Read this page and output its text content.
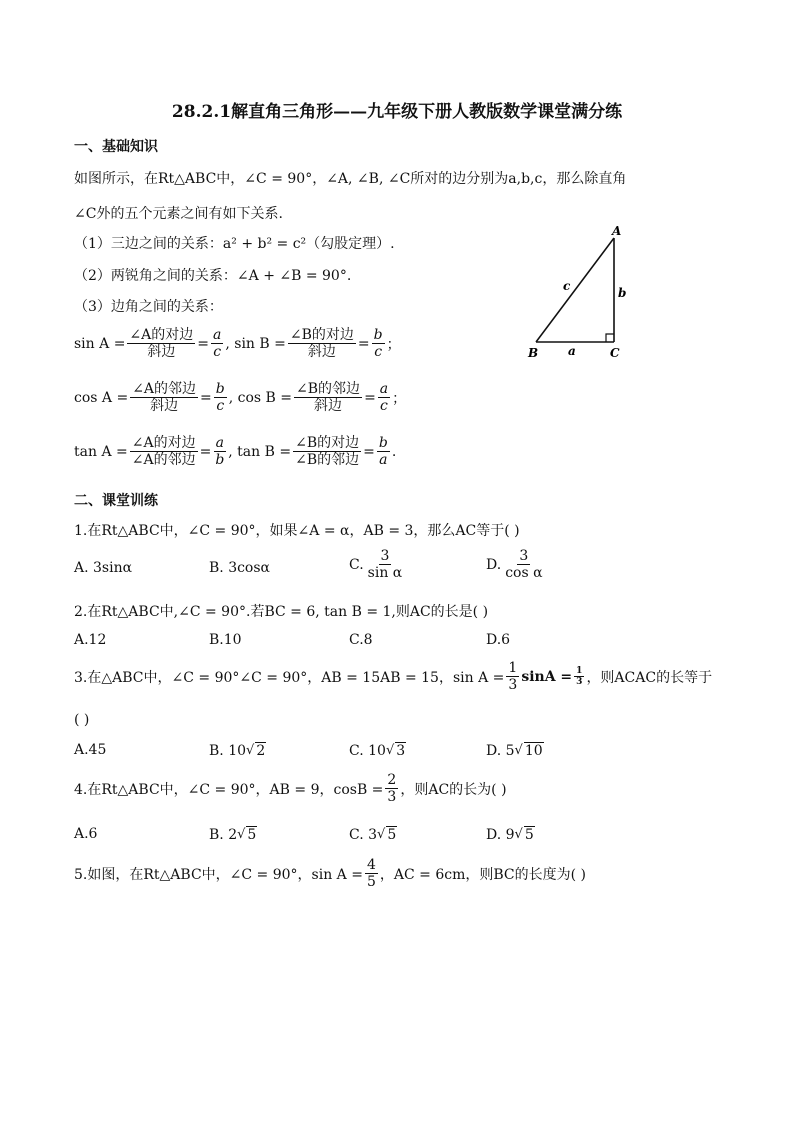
28.2.1解直角三角形——九年级下册人教版数学课堂满分练
一、基础知识
如图所示，在Rt△ABC中，∠C = 90°，∠A, ∠B, ∠C所对的边分别为a,b,c，那么除直角
∠C外的五个元素之间有如下关系.
（1）三边之间的关系：a² + b² = c²（勾股定理）.
（2）两锐角之间的关系：∠A + ∠B = 90°.
（3）边角之间的关系：
$\sin A = \frac{\text{∠A的对边}}{\text{斜边}} = \frac{a}{c}$ , $\sin B = \frac{\text{∠B的对边}}{\text{斜边}} = \frac{b}{c}$ ；
$\cos A = \frac{\text{∠A的邻边}}{\text{斜边}} = \frac{b}{c}$ , $\cos B = \frac{\text{∠B的邻边}}{\text{斜边}} = \frac{a}{c}$ ；
$\tan A = \frac{\text{∠A的对边}}{\text{∠A的邻边}} = \frac{a}{b}$ , $\tan B = \frac{\text{∠B的对边}}{\text{∠B的邻边}} = \frac{b}{a}$ .
A
B	C
a
b
c
二、课堂训练
1.在Rt△ABC中，∠C = 90°，如果∠A = α，AB = 3，那么AC等于( )
A. 3sinα	B. 3cosα	C. $\frac{3}{\text{sin α}}$	D. $\frac{3}{\text{cos α}}$
2.在Rt△ABC中,∠C = 90°.若BC = 6, tan B = 1,则AC的长是( )
A.12	B.10	C.8	D.6
3.在△ABC中，∠C = 90°∠C = 90°，AB = 15AB = 15，$\sin A = \frac{1}{3}$ $\sin A = \frac{1}{3}$ ，则ACAC的长等于
( )
A.45	B. 10 √ 2	C. 10 √ 3	D. 5 √ 10
4.在Rt△ABC中，∠C = 90°，AB = 9，$\cos B = \frac{2}{3}$ ，则AC的长为( )
A.6	B. 2 √ 5	C. 3 √ 5	D. 9 √ 5
5.如图，在Rt△ABC中，∠C = 90°，$\sin A = \frac{4}{5}$ ，AC = 6cm，则BC的长度为( )
